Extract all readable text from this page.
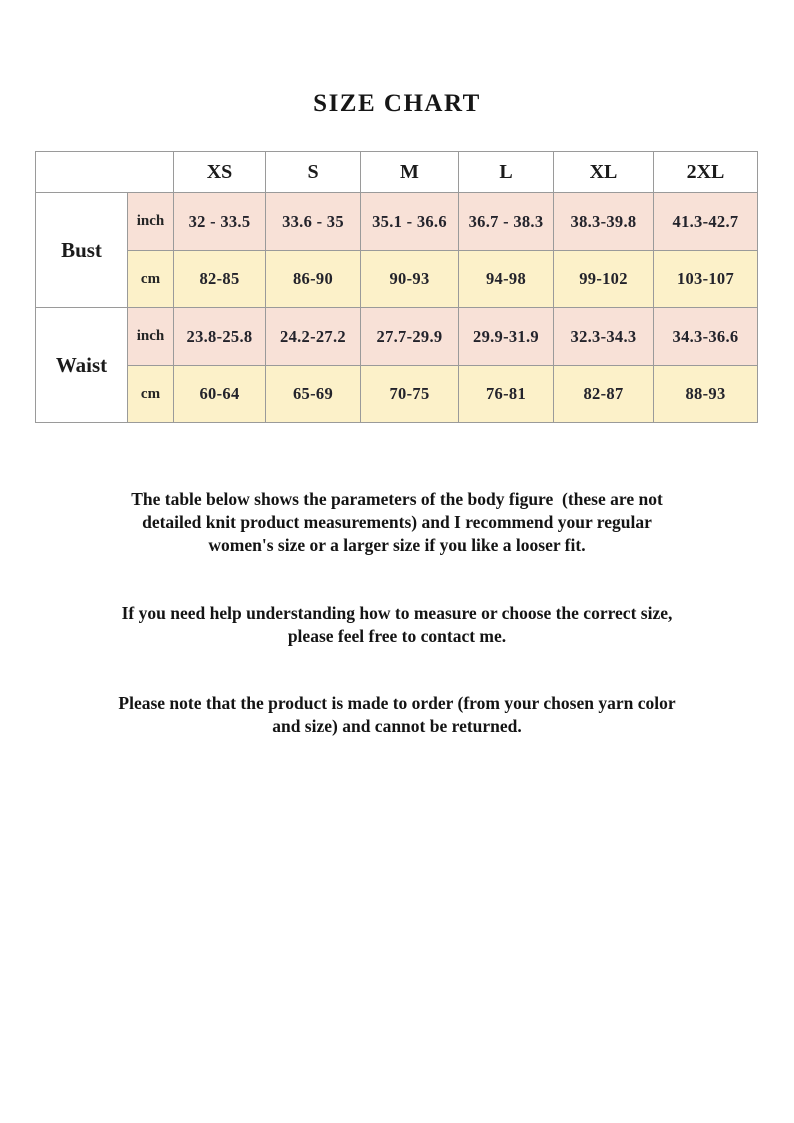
SIZE CHART
		XS	S	M	L	XL	2XL
Bust	inch	32 - 33.5	33.6 - 35	35.1 - 36.6	36.7 - 38.3	38.3-39.8	41.3-42.7
	cm	82-85	86-90	90-93	94-98	99-102	103-107
Waist	inch	23.8-25.8	24.2-27.2	27.7-29.9	29.9-31.9	32.3-34.3	34.3-36.6
	cm	60-64	65-69	70-75	76-81	82-87	88-93
The table below shows the parameters of the body figure  (these are not
detailed knit product measurements) and I recommend your regular
women's size or a larger size if you like a looser fit.
If you need help understanding how to measure or choose the correct size,
please feel free to contact me.
Please note that the product is made to order (from your chosen yarn color
and size) and cannot be returned.
